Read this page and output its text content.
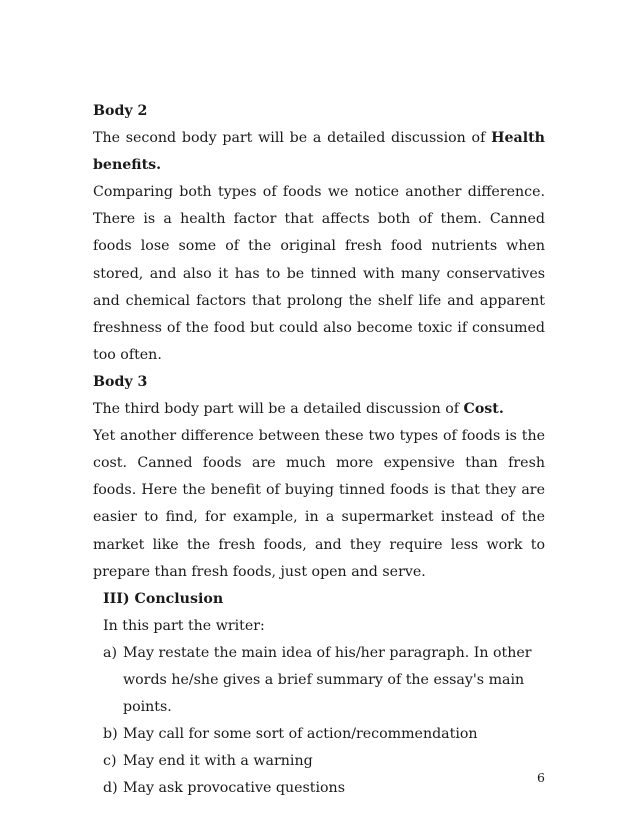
Body 2

The second body part will be a detailed discussion of Health benefits.

Comparing both types of foods we notice another difference. There is a health factor that affects both of them. Canned foods lose some of the original fresh food nutrients when stored, and also it has to be tinned with many conservatives and chemical factors that prolong the shelf life and apparent freshness of the food but could also become toxic if consumed too often.

Body 3

The third body part will be a detailed discussion of Cost.

Yet another difference between these two types of foods is the cost. Canned foods are much more expensive than fresh foods. Here the benefit of buying tinned foods is that they are easier to find, for example, in a supermarket instead of the market like the fresh foods, and they require less work to prepare than fresh foods, just open and serve.

III) Conclusion

In this part the writer:

a) May restate the main idea of his/her paragraph. In other words he/she gives a brief summary of the essay's main points.
b) May call for some sort of action/recommendation
c) May end it with a warning
d) May ask provocative questions
6
